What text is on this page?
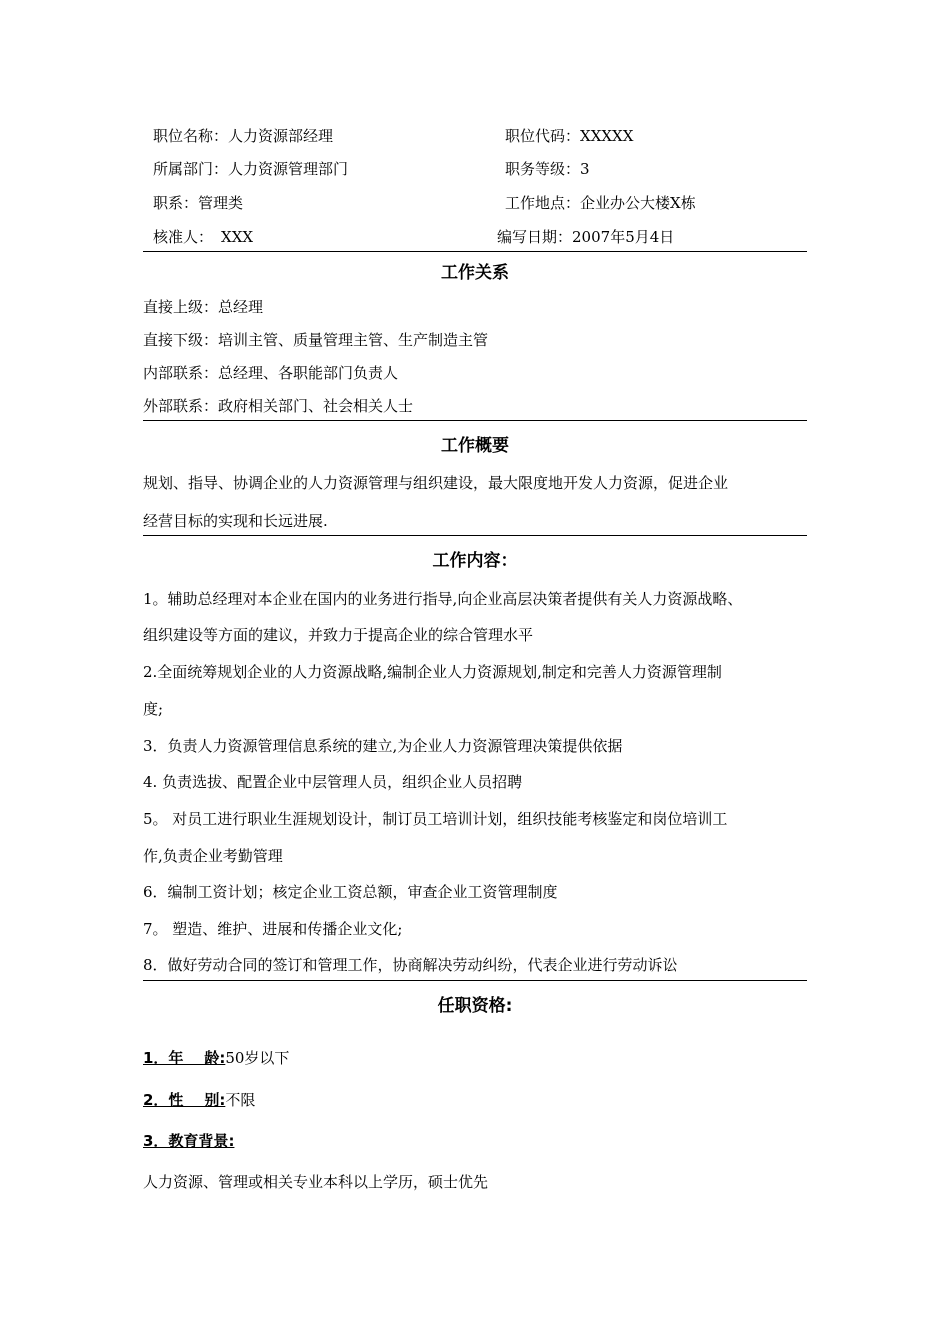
职位名称：人力资源部经理	职位代码：XXXXX
所属部门：人力资源管理部门	职务等级：3
职系：管理类	工作地点：企业办公大楼X栋
核准人： XXX	编写日期：2007年5月4日
工作关系
直接上级：总经理
直接下级：培训主管、质量管理主管、生产制造主管
内部联系：总经理、各职能部门负责人
外部联系：政府相关部门、社会相关人士
工作概要
规划、指导、协调企业的人力资源管理与组织建设，最大限度地开发人力资源，促进企业
经营目标的实现和长远进展.
工作内容：
1。辅助总经理对本企业在国内的业务进行指导,向企业高层决策者提供有关人力资源战略、
组织建设等方面的建议，并致力于提高企业的综合管理水平
2.全面统筹规划企业的人力资源战略,编制企业人力资源规划,制定和完善人力资源管理制
度;
3．负责人力资源管理信息系统的建立,为企业人力资源管理决策提供依据
4. 负责选拔、配置企业中层管理人员，组织企业人员招聘
5。 对员工进行职业生涯规划设计，制订员工培训计划，组织技能考核鉴定和岗位培训工
作,负责企业考勤管理
6．编制工资计划；核定企业工资总额，审查企业工资管理制度
7。 塑造、维护、进展和传播企业文化;
8．做好劳动合同的签订和管理工作，协商解决劳动纠纷，代表企业进行劳动诉讼
任职资格:
1．年    龄:50岁以下
2．性    别:不限
3．教育背景:
人力资源、管理或相关专业本科以上学历，硕士优先
